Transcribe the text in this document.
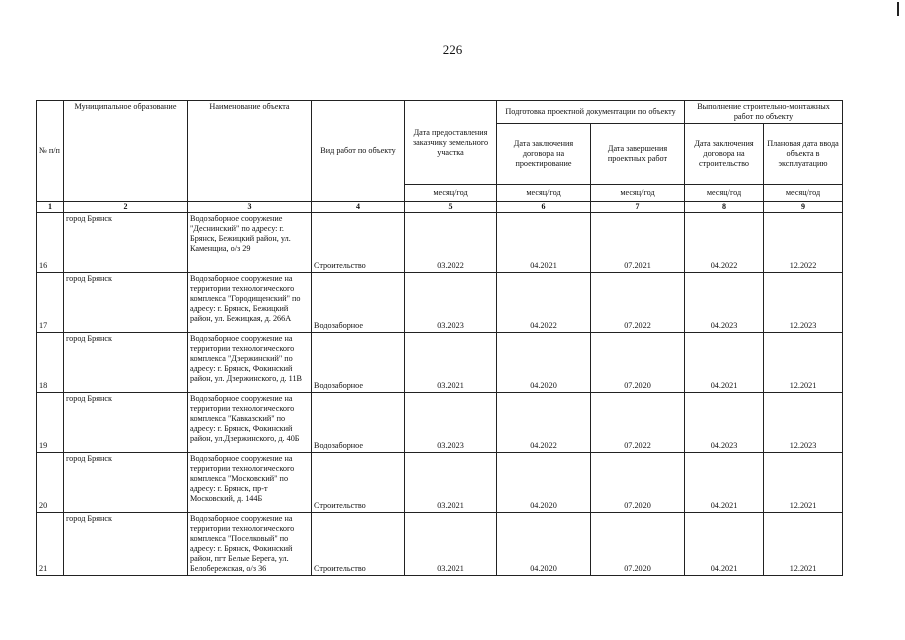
226
№ п/п	Муниципальное образование	Наименование объекта	Вид работ по объекту	Дата предоставления заказчику земельного участка	Подготовка проектной документации по объекту		Выполнение строительно-монтажных работ по объекту	
					Дата заключения договора на проектирование	Дата завершения проектных работ	Дата заключения договора на строительство	Плановая дата ввода объекта в эксплуатацию
				месяц/год	месяц/год	месяц/год	месяц/год	месяц/год
1	2	3	4	5	6	7	8	9
16	город Брянск	Водозаборное сооружение "Деснинский" по адресу: г. Брянск, Бежицкий район, ул. Каменщиа, о/з 29	Строительство	03.2022	04.2021	07.2021	04.2022	12.2022
17	город Брянск	Водозаборное сооружение на территории технологического комплекса "Городищенский" по адресу: г. Брянск, Бежицкий район, ул. Бежицкая, д. 266А	Водозаборное	03.2023	04.2022	07.2022	04.2023	12.2023
18	город Брянск	Водозаборное сооружение на территории технологического комплекса "Дзержинский" по адресу: г. Брянск, Фокинский район, ул. Дзержинского, д. 11В	Водозаборное	03.2021	04.2020	07.2020	04.2021	12.2021
19	город Брянск	Водозаборное сооружение на территории технологического комплекса "Кавказский" по адресу: г. Брянск, Фокинский район, ул.Дзержинского, д. 40Б	Водозаборное	03.2023	04.2022	07.2022	04.2023	12.2023
20	город Брянск	Водозаборное сооружение на территории технологического комплекса "Московский" по адресу: г. Брянск, пр-т Московский, д. 144Б	Строительство	03.2021	04.2020	07.2020	04.2021	12.2021
21	город Брянск	Водозаборное сооружение на территории технологического комплекса "Поселковый" по адресу: г. Брянск, Фокинский район, пгт Белые Берега, ул. Белобережская, о/з 36	Строительство	03.2021	04.2020	07.2020	04.2021	12.2021
